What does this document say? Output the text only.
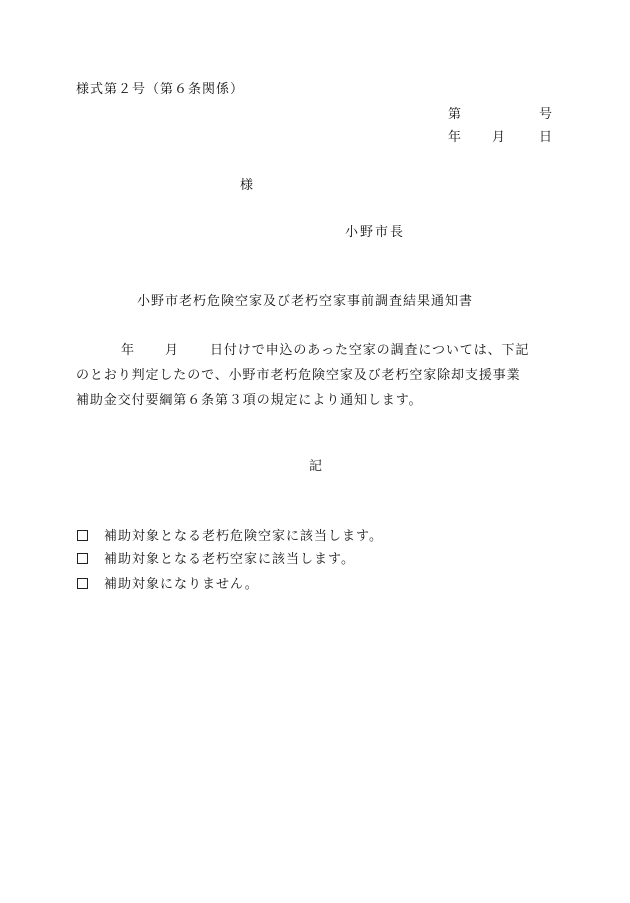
様式第２号（第６条関係）
第	号
年 月	日
様
小野市長
小野市老朽危険空家及び老朽空家事前調査結果通知書
年 月 日付けで申込のあった空家の調査については、下記
のとおり判定したので、小野市老朽危険空家及び老朽空家除却支援事業
補助金交付要綱第６条第３項の規定により通知します。
記
補助対象となる老朽危険空家に該当します。
補助対象となる老朽空家に該当します。
補助対象になりません。
